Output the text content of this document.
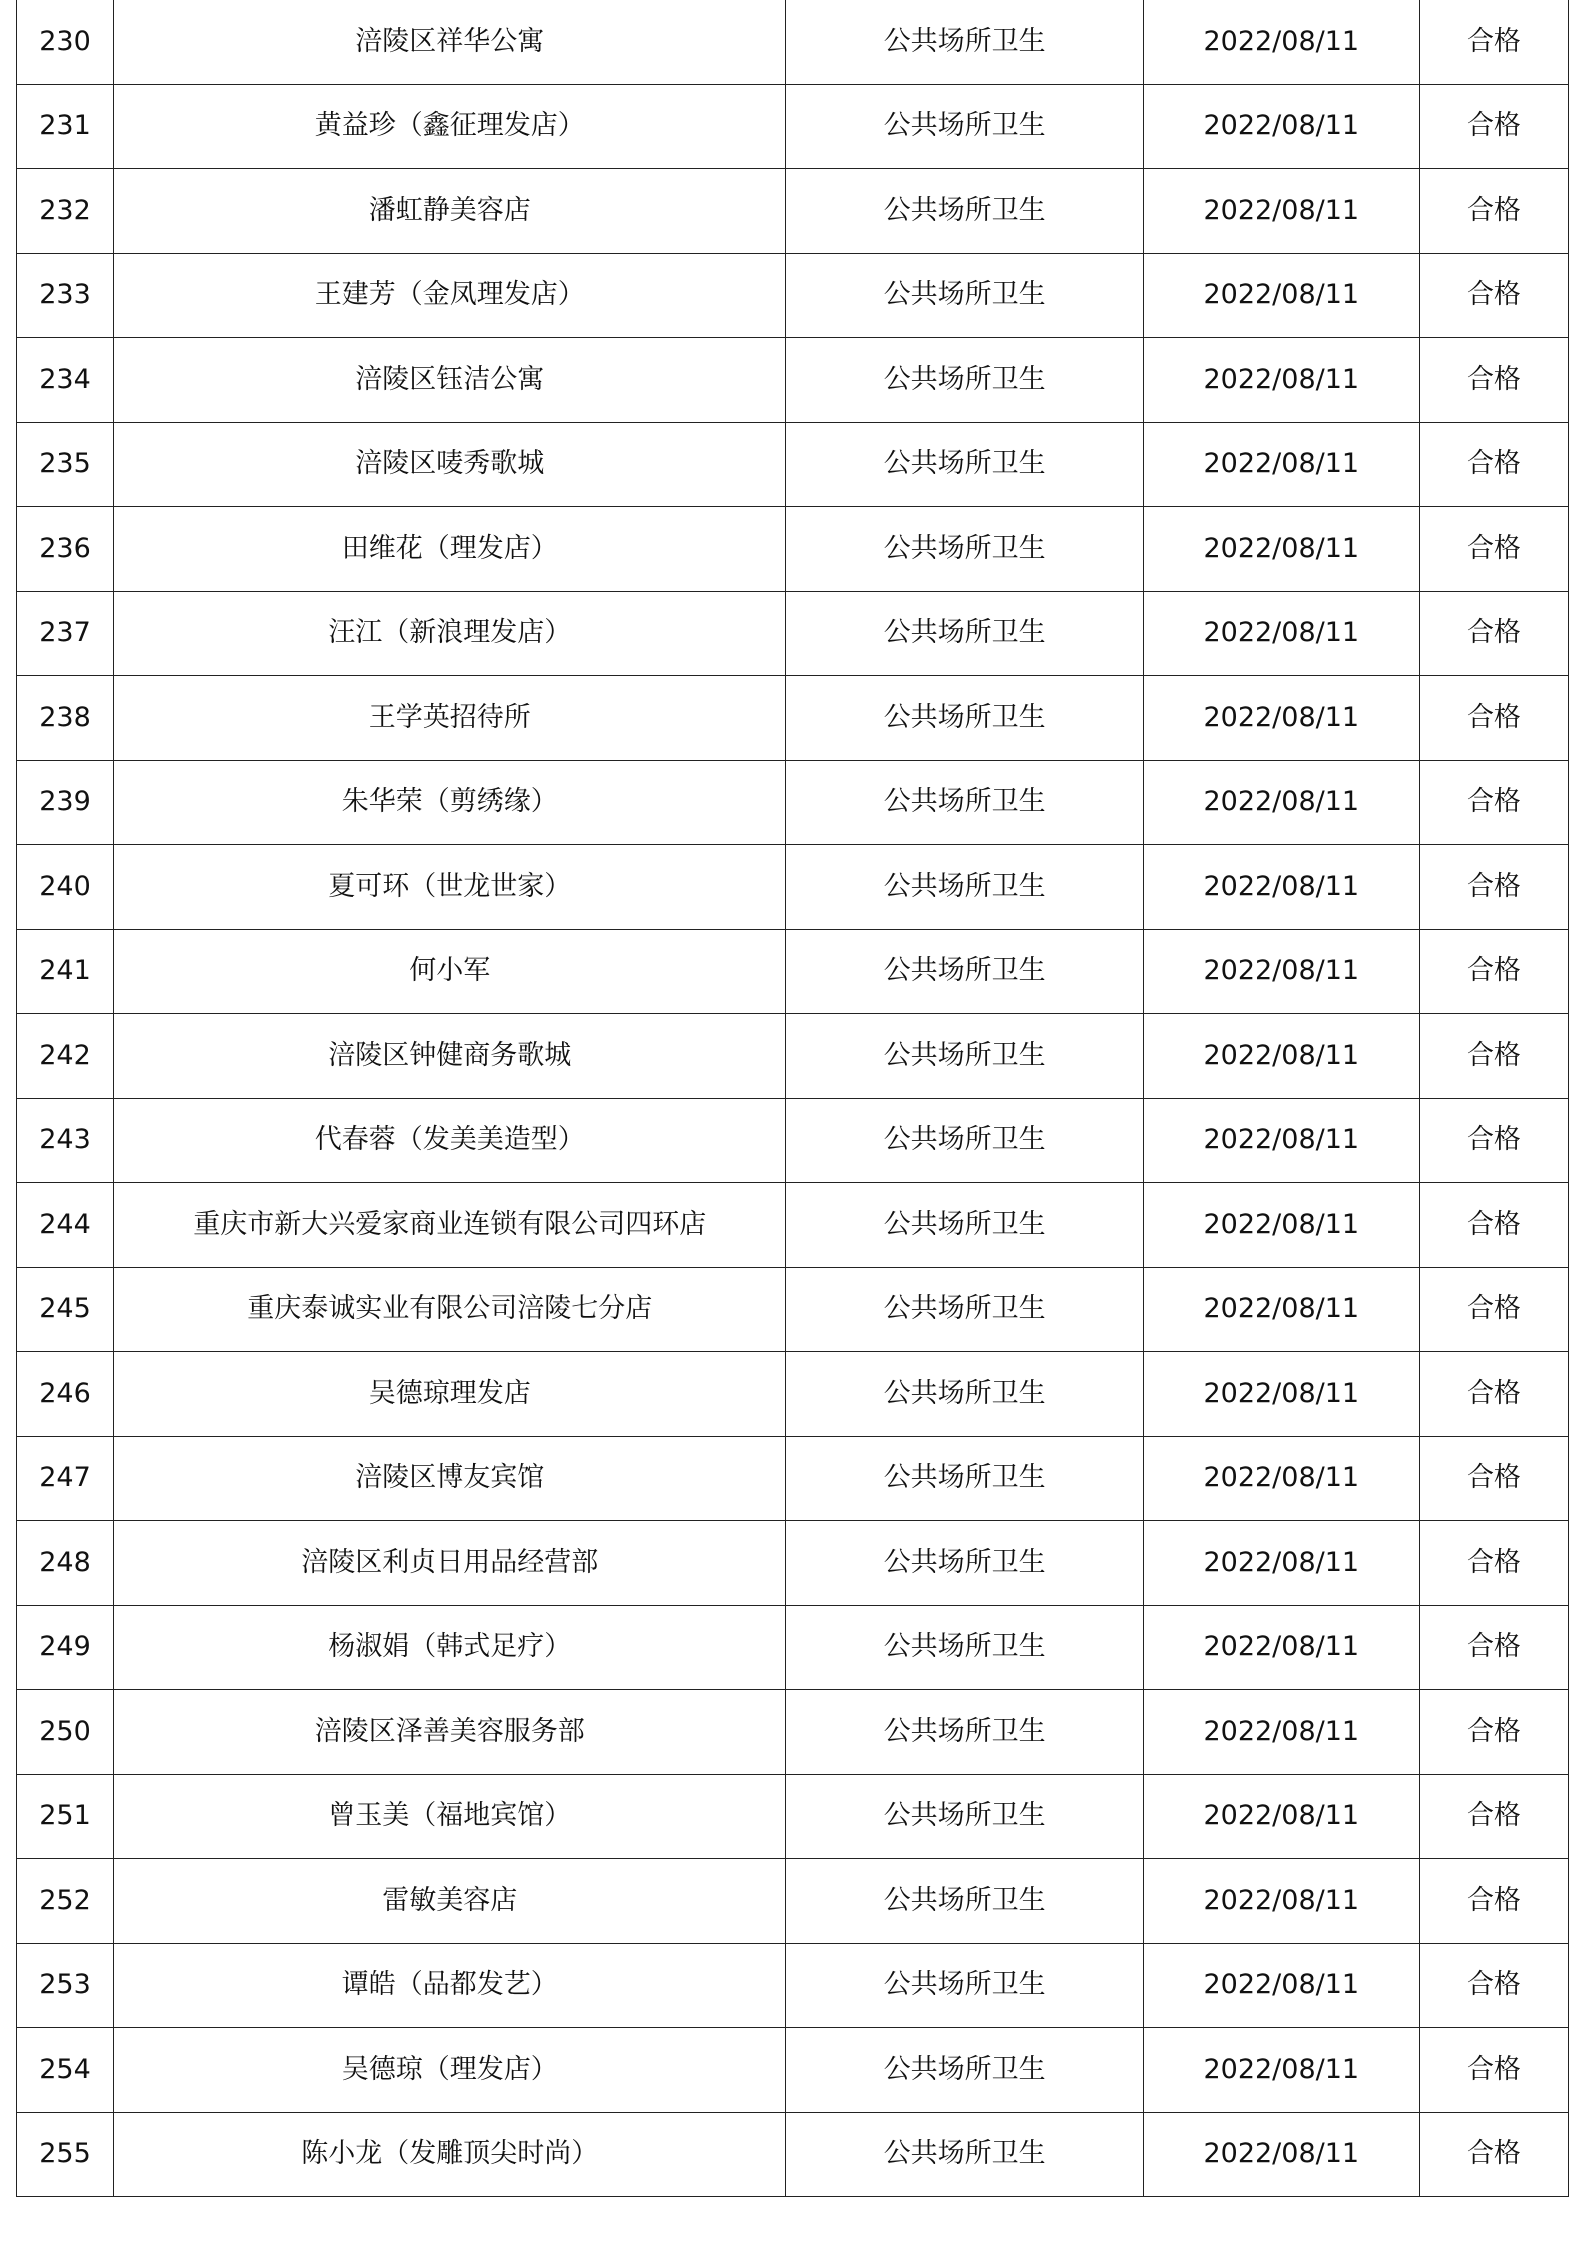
230	涪陵区祥华公寓	公共场所卫生	2022/08/11	合格
231	黄益珍（鑫征理发店）	公共场所卫生	2022/08/11	合格
232	潘虹静美容店	公共场所卫生	2022/08/11	合格
233	王建芳（金凤理发店）	公共场所卫生	2022/08/11	合格
234	涪陵区钰洁公寓	公共场所卫生	2022/08/11	合格
235	涪陵区唛秀歌城	公共场所卫生	2022/08/11	合格
236	田维花（理发店）	公共场所卫生	2022/08/11	合格
237	汪江（新浪理发店）	公共场所卫生	2022/08/11	合格
238	王学英招待所	公共场所卫生	2022/08/11	合格
239	朱华荣（剪绣缘）	公共场所卫生	2022/08/11	合格
240	夏可环（世龙世家）	公共场所卫生	2022/08/11	合格
241	何小军	公共场所卫生	2022/08/11	合格
242	涪陵区钟健商务歌城	公共场所卫生	2022/08/11	合格
243	代春蓉（发美美造型）	公共场所卫生	2022/08/11	合格
244	重庆市新大兴爱家商业连锁有限公司四环店	公共场所卫生	2022/08/11	合格
245	重庆泰诚实业有限公司涪陵七分店	公共场所卫生	2022/08/11	合格
246	吴德琼理发店	公共场所卫生	2022/08/11	合格
247	涪陵区博友宾馆	公共场所卫生	2022/08/11	合格
248	涪陵区利贞日用品经营部	公共场所卫生	2022/08/11	合格
249	杨淑娟（韩式足疗）	公共场所卫生	2022/08/11	合格
250	涪陵区泽善美容服务部	公共场所卫生	2022/08/11	合格
251	曾玉美（福地宾馆）	公共场所卫生	2022/08/11	合格
252	雷敏美容店	公共场所卫生	2022/08/11	合格
253	谭皓（品都发艺）	公共场所卫生	2022/08/11	合格
254	吴德琼（理发店）	公共场所卫生	2022/08/11	合格
255	陈小龙（发雕顶尖时尚）	公共场所卫生	2022/08/11	合格
